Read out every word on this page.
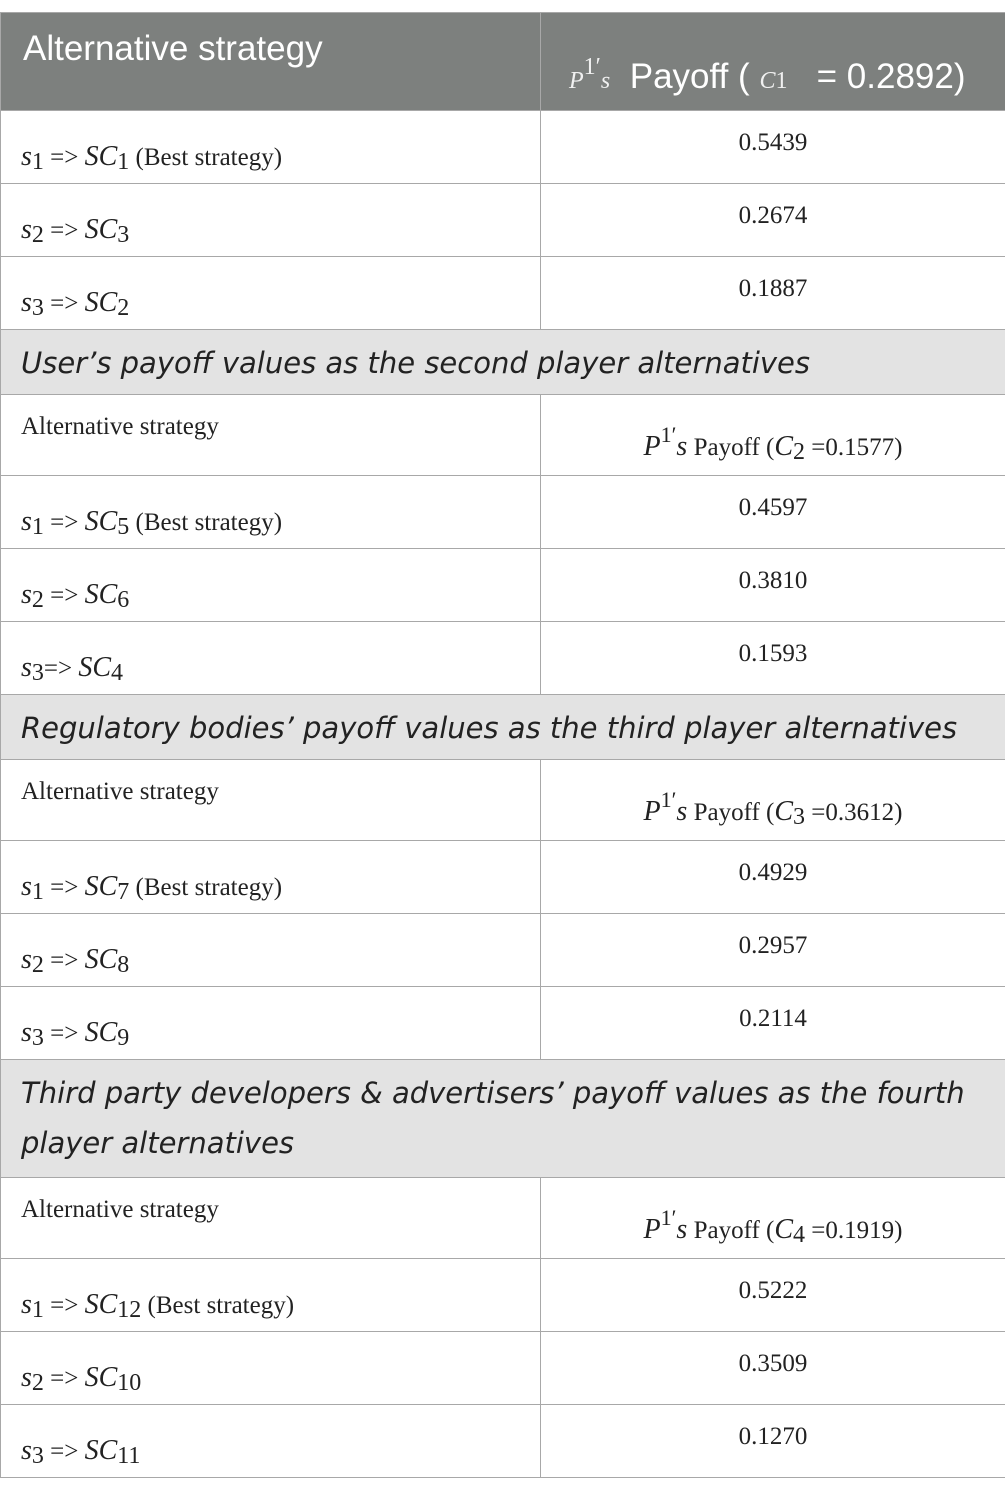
Alternative strategy	$P^{1'}s$ Payoff ( C1 = 0.2892)

s1 => SC1 (Best strategy)	0.5439

s2 => SC3	0.2674

s3 => SC2	0.1887

User’s payoff values as the second player alternatives	

Alternative strategy	P1′s Payoff (C2 =0.1577)

s1 => SC5 (Best strategy)	0.4597

s2 => SC6	0.3810

s3=> SC4	0.1593

Regulatory bodies’ payoff values as the third player alternatives	

Alternative strategy	P1′s Payoff (C3 =0.3612)

s1 => SC7 (Best strategy)	0.4929

s2 => SC8	0.2957

s3 => SC9	0.2114

Third party developers & advertisers’ payoff values as the fourth player alternatives	

Alternative strategy	P1′s Payoff (C4 =0.1919)

s1 => SC12 (Best strategy)	0.5222

s2 => SC10	0.3509

s3 => SC11	0.1270
